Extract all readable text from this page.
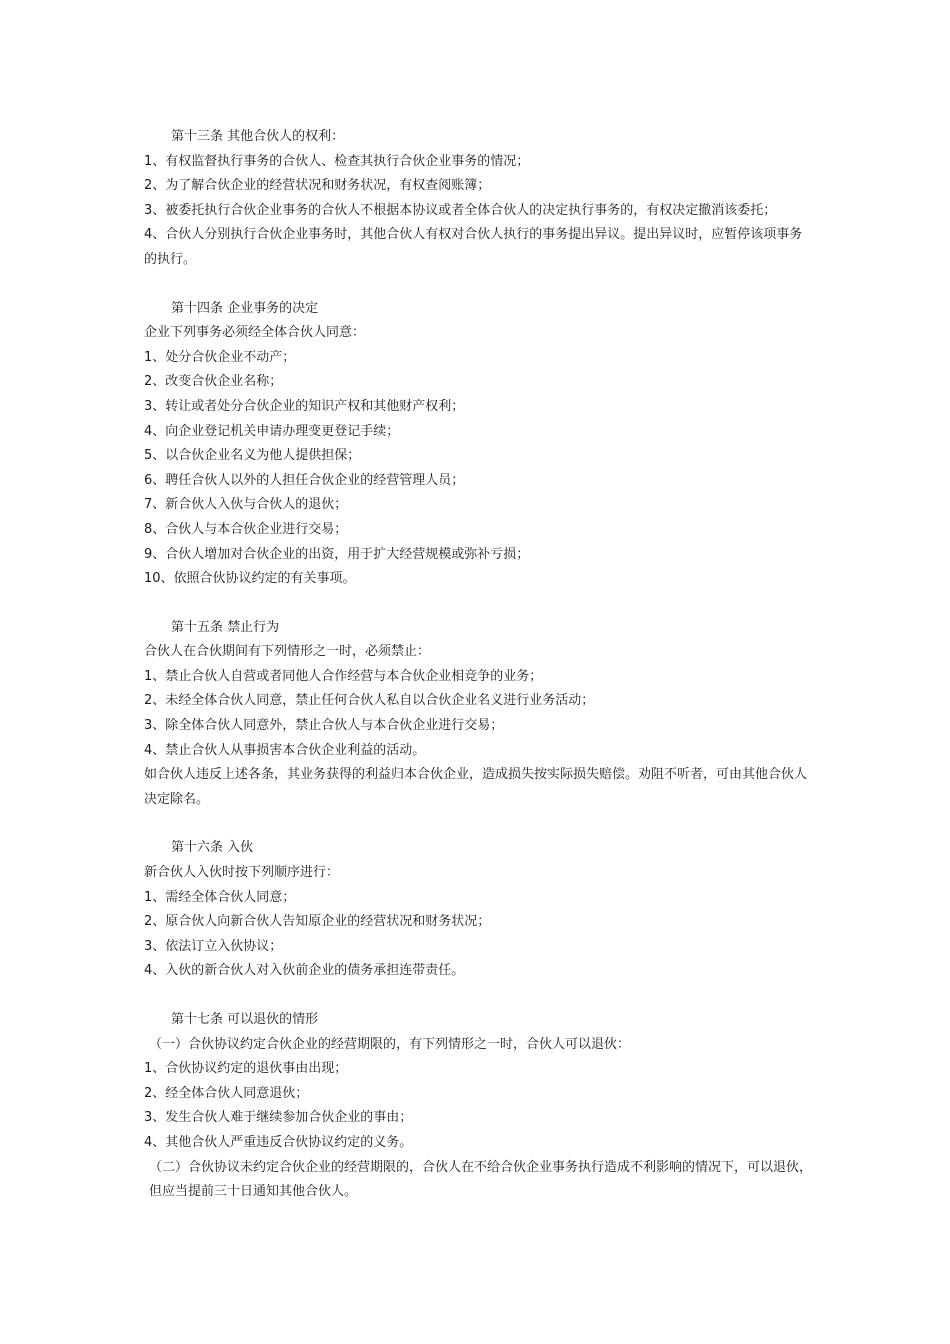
第十三条 其他合伙人的权利：
1、有权监督执行事务的合伙人、检查其执行合伙企业事务的情况；
2、为了解合伙企业的经营状况和财务状况，有权查阅账簿；
3、被委托执行合伙企业事务的合伙人不根据本协议或者全体合伙人的决定执行事务的，有权决定撤消该委托；
4、合伙人分别执行合伙企业事务时，其他合伙人有权对合伙人执行的事务提出异议。提出异议时，应暂停该项事务的执行。
第十四条 企业事务的决定
企业下列事务必须经全体合伙人同意：
1、处分合伙企业不动产；
2、改变合伙企业名称；
3、转让或者处分合伙企业的知识产权和其他财产权利；
4、向企业登记机关申请办理变更登记手续；
5、以合伙企业名义为他人提供担保；
6、聘任合伙人以外的人担任合伙企业的经营管理人员；
7、新合伙人入伙与合伙人的退伙；
8、合伙人与本合伙企业进行交易；
9、合伙人增加对合伙企业的出资，用于扩大经营规模或弥补亏损；
10、依照合伙协议约定的有关事项。
第十五条 禁止行为
合伙人在合伙期间有下列情形之一时，必须禁止：
1、禁止合伙人自营或者同他人合作经营与本合伙企业相竞争的业务；
2、未经全体合伙人同意，禁止任何合伙人私自以合伙企业名义进行业务活动；
3、除全体合伙人同意外，禁止合伙人与本合伙企业进行交易；
4、禁止合伙人从事损害本合伙企业利益的活动。
如合伙人违反上述各条，其业务获得的利益归本合伙企业，造成损失按实际损失赔偿。劝阻不听者，可由其他合伙人决定除名。
第十六条 入伙
新合伙人入伙时按下列顺序进行：
1、需经全体合伙人同意；
2、原合伙人向新合伙人告知原企业的经营状况和财务状况；
3、依法订立入伙协议；
4、入伙的新合伙人对入伙前企业的债务承担连带责任。
第十七条 可以退伙的情形
（一）合伙协议约定合伙企业的经营期限的，有下列情形之一时，合伙人可以退伙：
1、合伙协议约定的退伙事由出现；
2、经全体合伙人同意退伙；
3、发生合伙人难于继续参加合伙企业的事由；
4、其他合伙人严重违反合伙协议约定的义务。
（二）合伙协议未约定合伙企业的经营期限的，合伙人在不给合伙企业事务执行造成不利影响的情况下，可以退伙，但应当提前三十日通知其他合伙人。
